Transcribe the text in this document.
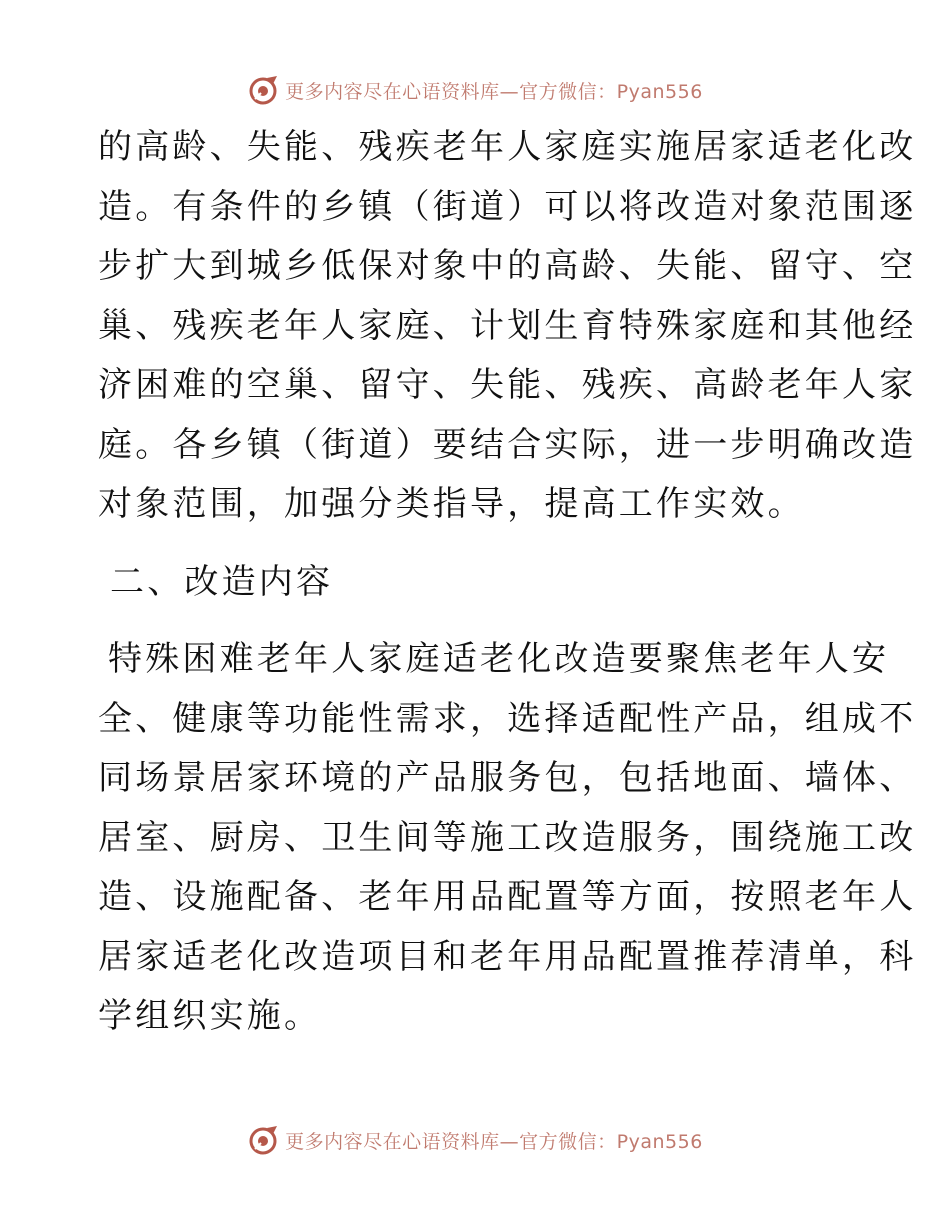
更多内容尽在心语资料库—官方微信：Pyan556

的高龄、失能、残疾老年人家庭实施居家适老化改
造。有条件的乡镇（街道）可以将改造对象范围逐
步扩大到城乡低保对象中的高龄、失能、留守、空
巢、残疾老年人家庭、计划生育特殊家庭和其他经
济困难的空巢、留守、失能、残疾、高龄老年人家
庭。各乡镇（街道）要结合实际，进一步明确改造
对象范围，加强分类指导，提高工作实效。

二、改造内容

特殊困难老年人家庭适老化改造要聚焦老年人安
全、健康等功能性需求，选择适配性产品，组成不
同场景居家环境的产品服务包，包括地面、墙体、
居室、厨房、卫生间等施工改造服务，围绕施工改
造、设施配备、老年用品配置等方面，按照老年人
居家适老化改造项目和老年用品配置推荐清单，科
学组织实施。

更多内容尽在心语资料库—官方微信：Pyan556
